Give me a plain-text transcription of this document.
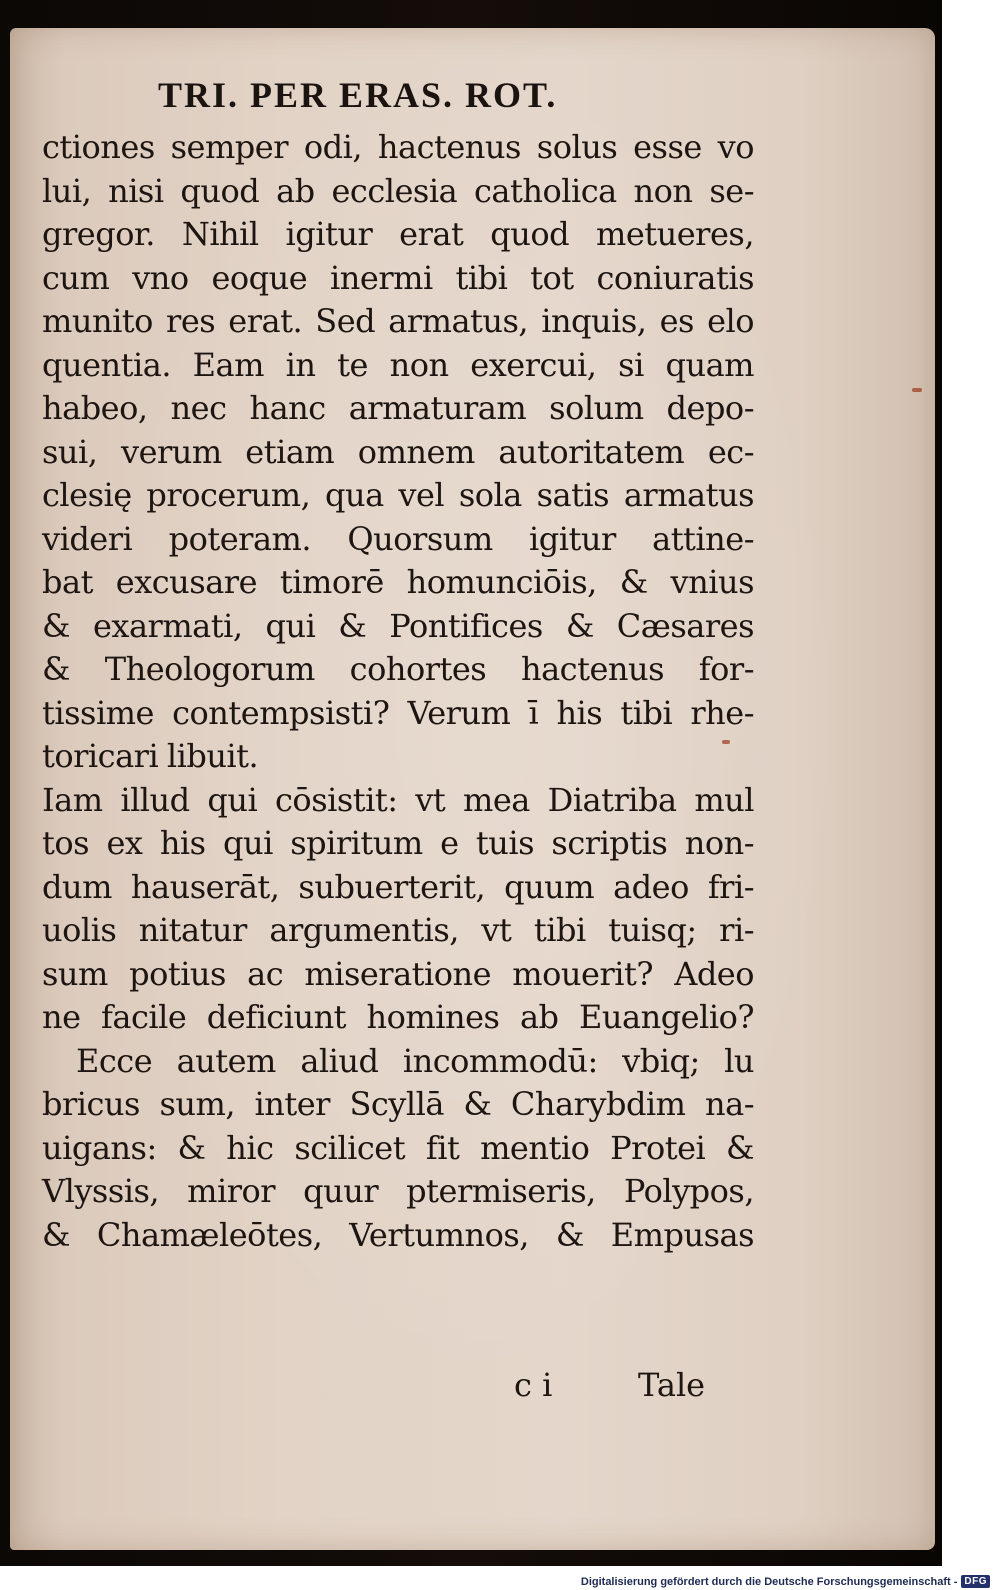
TRI. PER ERAS. ROT.
ctiones semper odi, hactenus solus esse vo
lui, nisi quod ab ecclesia catholica non se-
gregor. Nihil igitur erat quod metueres,
cum vno eoque inermi tibi tot coniuratis
munito res erat. Sed armatus, inquis, es elo
quentia. Eam in te non exercui, si quam
habeo, nec hanc armaturam solum depo-
sui, verum etiam omnem autoritatem ec-
clesię procerum, qua vel sola satis armatus
videri poteram. Quorsum igitur attine-
bat excusare timorē homunciōis, & vnius
& exarmati, qui & Pontifices & Cæsares
& Theologorum cohortes hactenus for-
tissime contempsisti? Verum ī his tibi rhe-
toricari libuit.
Iam illud qui cōsistit: vt mea Diatriba mul
tos ex his qui spiritum e tuis scriptis non-
dum hauserāt, subuerterit, quum adeo fri-
uolis nitatur argumentis, vt tibi tuisq; ri-
sum potius ac miseratione mouerit? Adeo
ne facile deficiunt homines ab Euangelio?
Ecce autem aliud incommodū: vbiq; lu
bricus sum, inter Scyllā & Charybdim na-
uigans: & hic scilicet fit mentio Protei &
Vlyssis, miror quur ptermiseris, Polypos,
& Chamæleōtes, Vertumnos, & Empusas
c i	Tale
Digitalisierung gefördert durch die Deutsche Forschungsgemeinschaft - DFG
